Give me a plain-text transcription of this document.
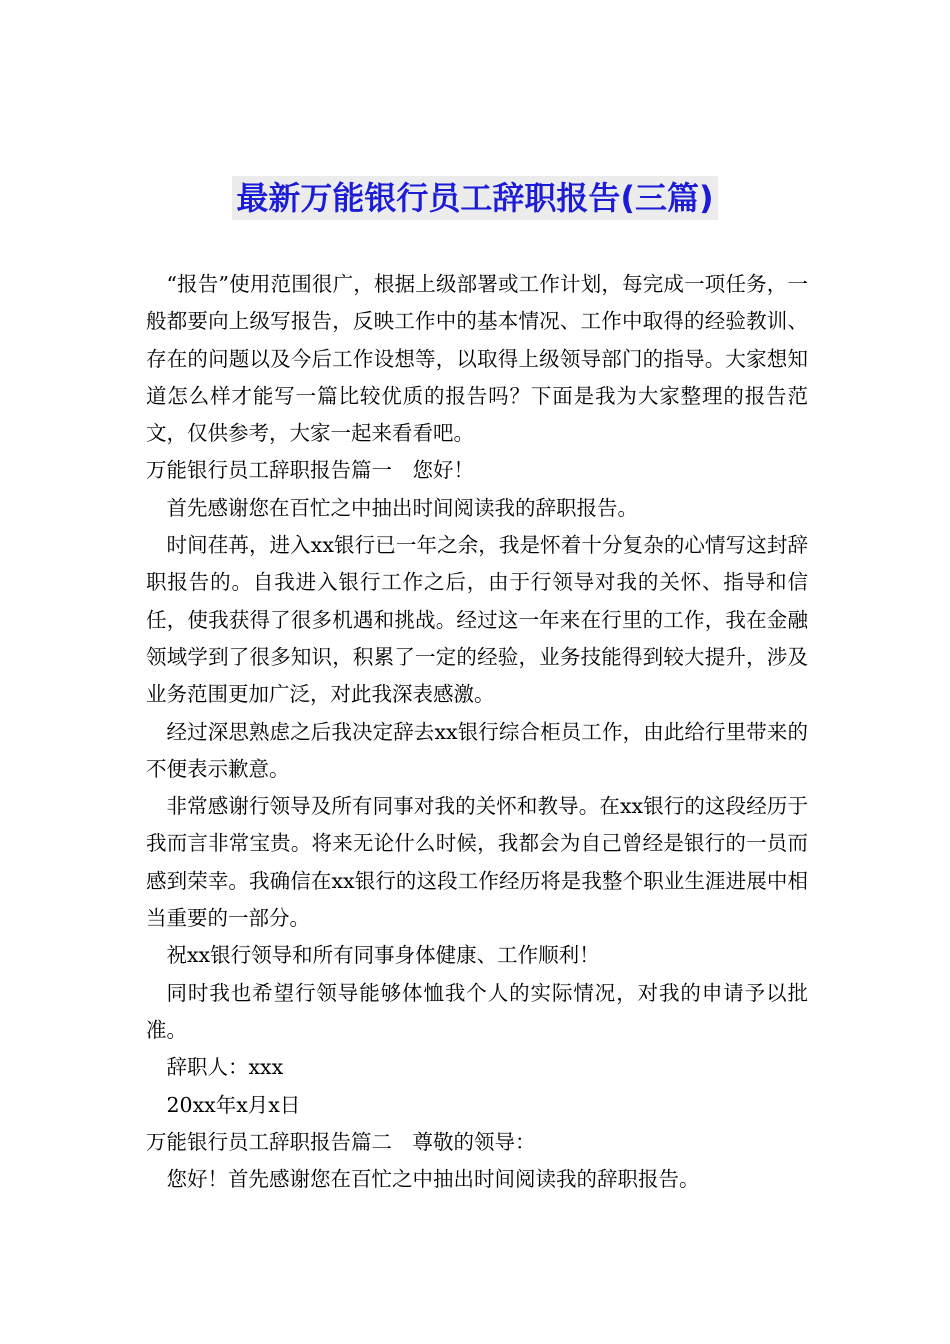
最新万能银行员工辞职报告(三篇)

“报告”使用范围很广，根据上级部署或工作计划，每完成一项任务，一般都要向上级写报告，反映工作中的基本情况、工作中取得的经验教训、存在的问题以及今后工作设想等，以取得上级领导部门的指导。大家想知道怎么样才能写一篇比较优质的报告吗？下面是我为大家整理的报告范文，仅供参考，大家一起来看看吧。

万能银行员工辞职报告篇一　您好！

首先感谢您在百忙之中抽出时间阅读我的辞职报告。

时间荏苒，进入xx银行已一年之余，我是怀着十分复杂的心情写这封辞职报告的。自我进入银行工作之后，由于行领导对我的关怀、指导和信任，使我获得了很多机遇和挑战。经过这一年来在行里的工作，我在金融领域学到了很多知识，积累了一定的经验，业务技能得到较大提升，涉及业务范围更加广泛，对此我深表感激。

经过深思熟虑之后我决定辞去xx银行综合柜员工作，由此给行里带来的不便表示歉意。

非常感谢行领导及所有同事对我的关怀和教导。在xx银行的这段经历于我而言非常宝贵。将来无论什么时候，我都会为自己曾经是银行的一员而感到荣幸。我确信在xx银行的这段工作经历将是我整个职业生涯进展中相当重要的一部分。

祝xx银行领导和所有同事身体健康、工作顺利！

同时我也希望行领导能够体恤我个人的实际情况，对我的申请予以批准。

辞职人：xxx

20xx年x月x日

万能银行员工辞职报告篇二　尊敬的领导：

您好！首先感谢您在百忙之中抽出时间阅读我的辞职报告。
